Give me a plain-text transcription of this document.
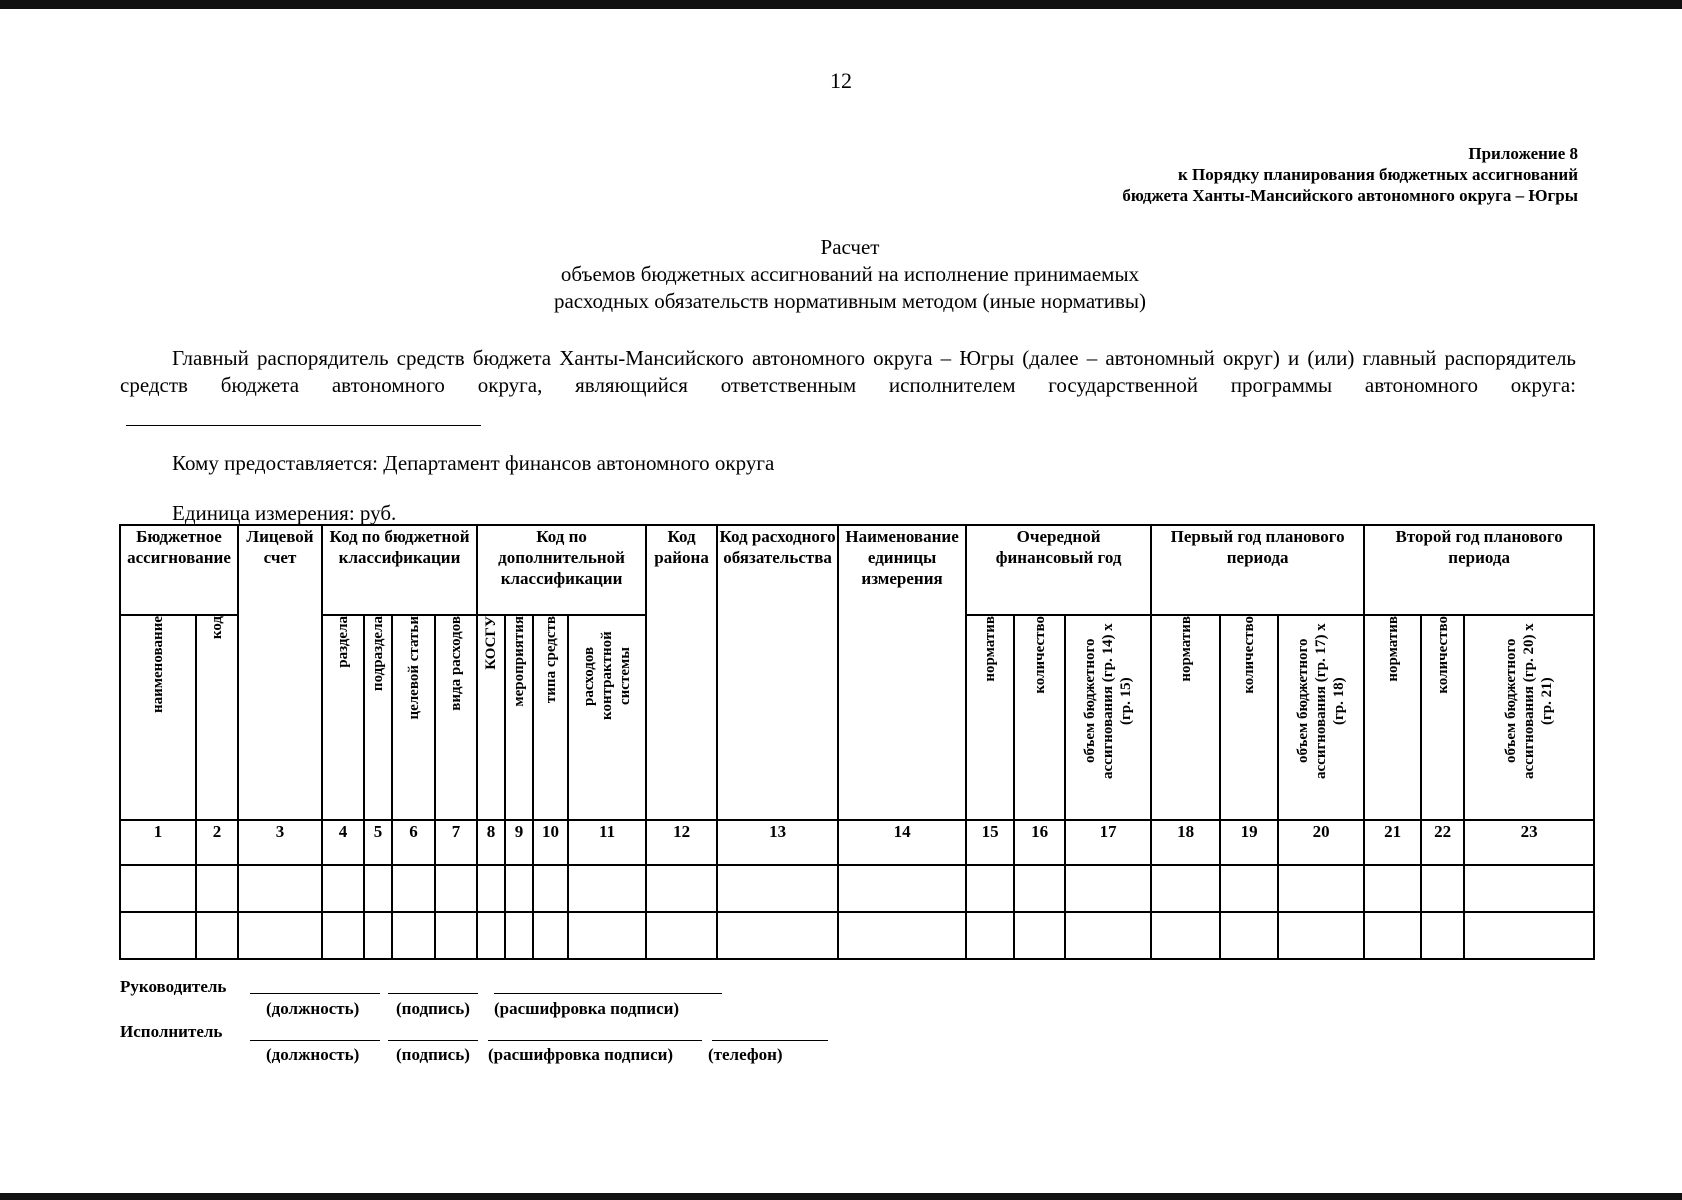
12
Приложение 8
к Порядку планирования бюджетных ассигнований
бюджета Ханты-Мансийского автономного округа – Югры
Расчет
объемов бюджетных ассигнований на исполнение принимаемых
расходных обязательств нормативным методом (иные нормативы)
Главный распорядитель средств бюджета Ханты-Мансийского автономного округа – Югры (далее – автономный округ) и (или) главный распорядитель средств бюджета автономного округа, являющийся ответственным исполнителем государственной программы автономного округа:
Кому предоставляется: Департамент финансов автономного округа
Единица измерения: руб.
Бюджетное ассигнование		Лицевой счет	Код по бюджетной классификации				Код по дополнительной классификации				Код района	Код расходного обязательства	Наименование единицы измерения	Очередной финансовый год			Первый год планового периода			Второй год планового периода		

наименование	код		раздела	подраздела	целевой статьи	вида расходов	КОСГУ	мероприятия	типа средств	расходов контрактной системы				норматив	количество	объем бюджетного ассигнования (гр. 14) х (гр. 15)	норматив	количество	объем бюджетного ассигнования (гр. 17) х (гр. 18)	норматив	количество	объем бюджетного ассигнования (гр. 20) х (гр. 21)

1	2	3	4	5	6	7	8	9	10	11	12	13	14	15	16	17	18	19	20	21	22	23

Руководитель
(должность) (подпись) (расшифровка подписи)
Исполнитель
(должность) (подпись) (расшифровка подписи) (телефон)
